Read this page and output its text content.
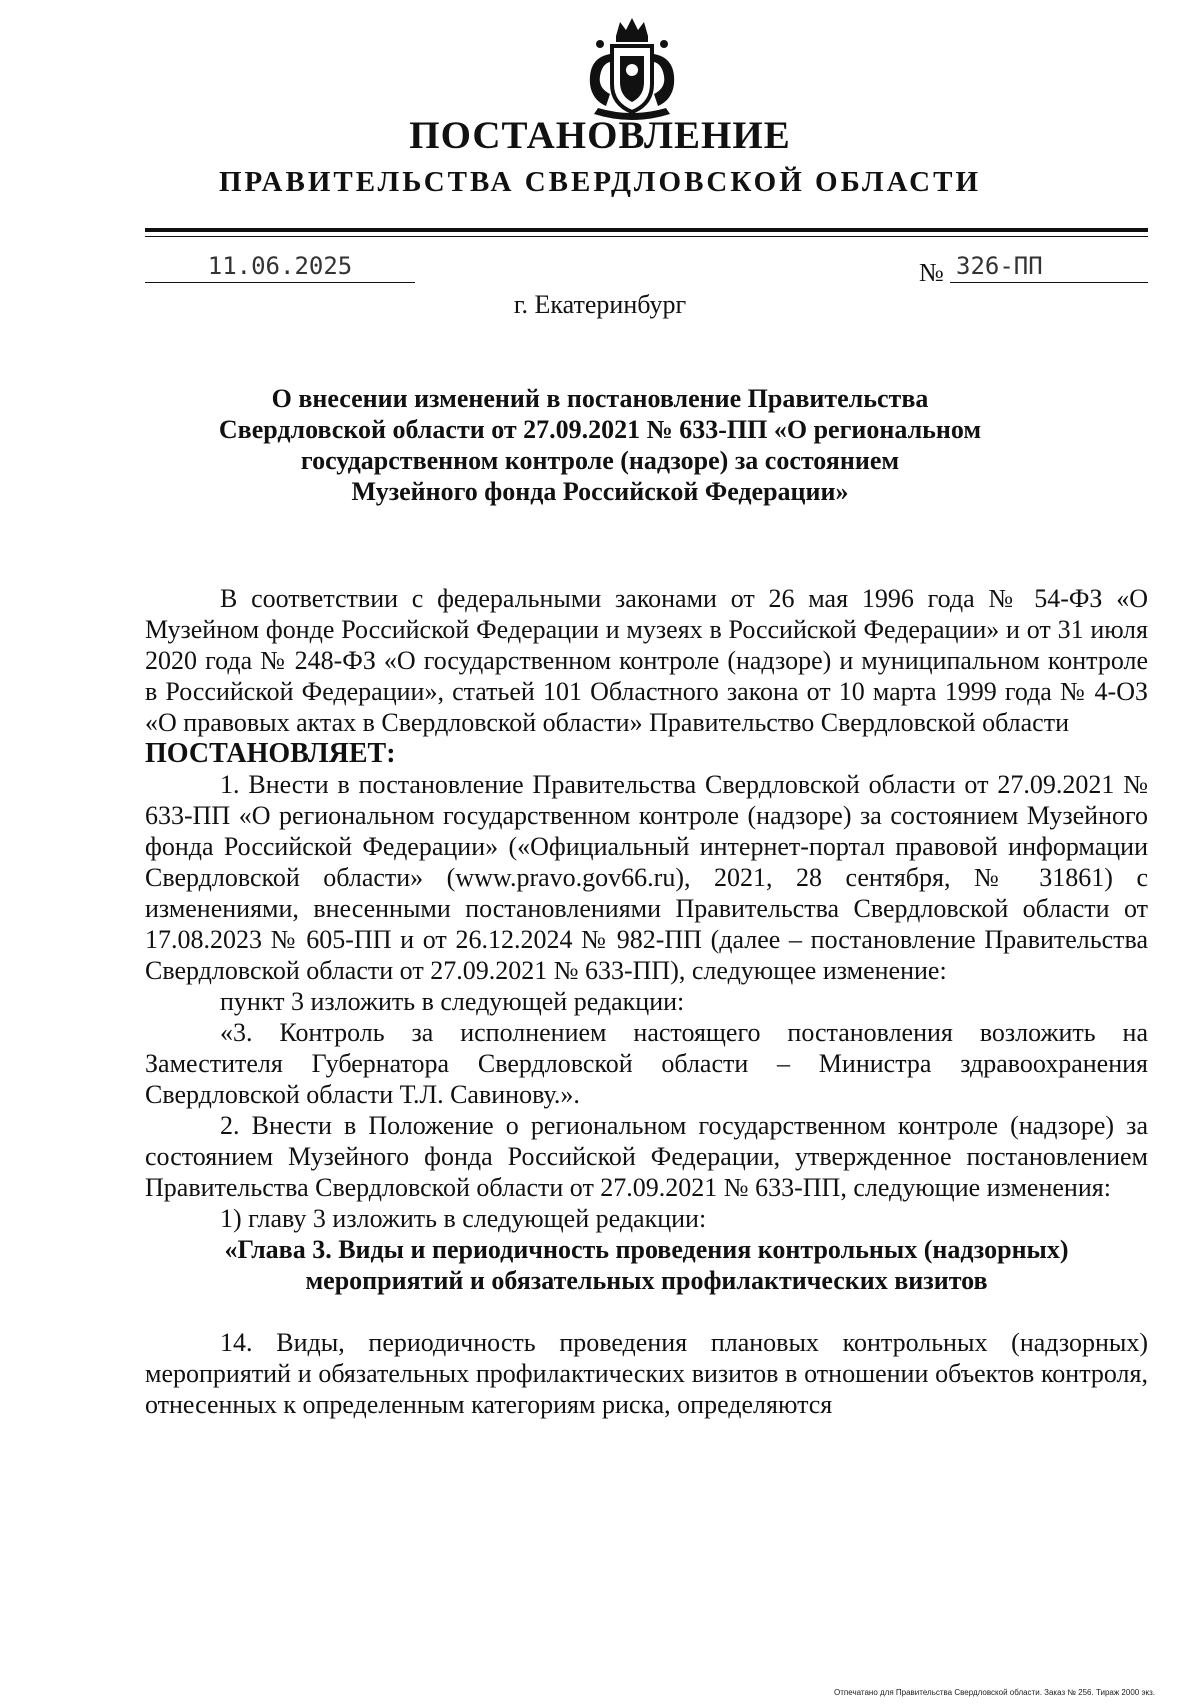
ПОСТАНОВЛЕНИЕ
ПРАВИТЕЛЬСТВА СВЕРДЛОВСКОЙ ОБЛАСТИ
11.06.2025	№ 326-ПП
г. Екатеринбург
О внесении изменений в постановление Правительства
Свердловской области от 27.09.2021 № 633-ПП «О региональном
государственном контроле (надзоре) за состоянием
Музейного фонда Российской Федерации»

В соответствии с федеральными законами от 26 мая 1996 года № 54-ФЗ «О Музейном фонде Российской Федерации и музеях в Российской Федерации» и от 31 июля 2020 года № 248-ФЗ «О государственном контроле (надзоре) и муниципальном контроле в Российской Федерации», статьей 101 Областного закона от 10 марта 1999 года № 4-ОЗ «О правовых актах в Свердловской области» Правительство Свердловской области

ПОСТАНОВЛЯЕТ:

1. Внести в постановление Правительства Свердловской области от 27.09.2021 № 633-ПП «О региональном государственном контроле (надзоре) за состоянием Музейного фонда Российской Федерации» («Официальный интернет-портал правовой информации Свердловской области» (www.pravo.gov66.ru), 2021, 28 сентября, № 31861) с изменениями, внесенными постановлениями Правительства Свердловской области от 17.08.2023 № 605-ПП и от 26.12.2024 № 982-ПП (далее – постановление Правительства Свердловской области от 27.09.2021 № 633-ПП), следующее изменение:

пункт 3 изложить в следующей редакции:

«3. Контроль за исполнением настоящего постановления возложить на Заместителя Губернатора Свердловской области – Министра здравоохранения Свердловской области Т.Л. Савинову.».

2. Внести в Положение о региональном государственном контроле (надзоре) за состоянием Музейного фонда Российской Федерации, утвержденное постановлением Правительства Свердловской области от 27.09.2021 № 633-ПП, следующие изменения:

1) главу 3 изложить в следующей редакции:

«Глава 3. Виды и периодичность проведения контрольных (надзорных)

мероприятий и обязательных профилактических визитов

14. Виды, периодичность проведения плановых контрольных (надзорных) мероприятий и обязательных профилактических визитов в отношении объектов контроля, отнесенных к определенным категориям риска, определяются

Отпечатано для Правительства Свердловской области. Заказ № 256. Тираж 2000 экз.
